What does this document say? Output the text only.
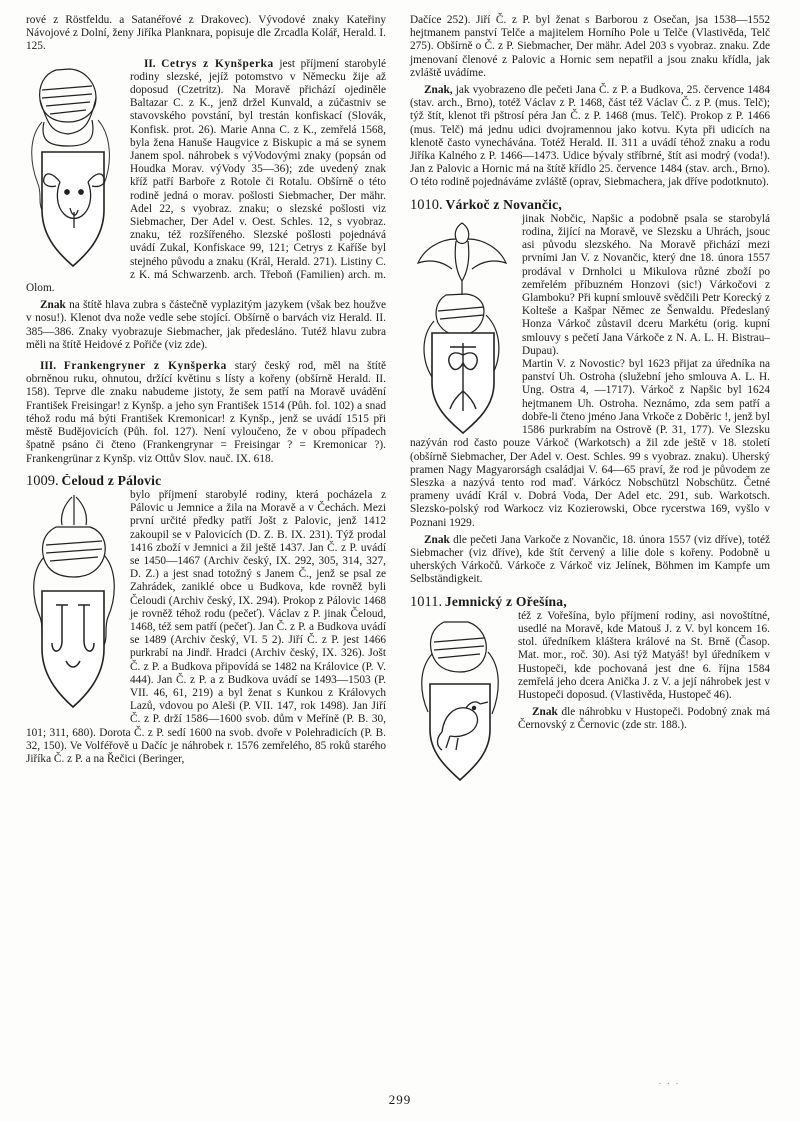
rové z Röstfeldu. a Satanéřové z Drakovec). Vývodové znaky Kateřiny Návojové z Dolní, ženy Jiříka Planknara, popisuje dle Zrcadla Kolář, Herald. I. 125.

II. Cetrys z Kynšperka jest příjmení starobylé rodiny slezské, jejíž potomstvo v Německu žije až doposud (Czetritz). Na Moravě přichází ojediněle Baltazar C. z K., jenž držel Kunvald, a zúčastniv se stavovského povstání, byl trestán konfiskací (Slovák, Konfisk. prot. 26). Marie Anna C. z K., zemřelá 1568, byla žena Hanuše Haugvice z Biskupic a má se synem Janem spol. náhrobek s výVodovými znaky (popsán od Houdka Morav. výVody 35—36); zde uvedený znak kříž patří Barboře z Rotole či Rotalu. Obšírně o této rodině jedná o morav. pošlosti Siebmacher, Der mähr. Adel 22, s vyobraz. znaku; o slezské pošlosti viz Siebmacher, Der Adel v. Oest. Schles. 12, s vyobraz. znaku, též rozšířeného. Slezské pošlosti pojednává uvádí Zukal, Konfiskace 99, 121; Cetrys z Kaříše byl stejného původu a znaku (Král, Herald. 271). Listiny C. z K. má Schwarzenb. arch. Třeboň (Familien) arch. m. Olom.

Znak na štítě hlava zubra s částečně vyplazitým jazykem (však bez houžve v nosu!). Klenot dva nože vedle sebe stojící. Obšírně o barvách viz Herald. II. 385—386. Znaky vyobrazuje Siebmacher, jak předesláno. Tutéž hlavu zubra měli na štítě Heidové z Pořiče (viz zde).

III. Frankengryner z Kynšperka starý český rod, měl na štítě obrněnou ruku, ohnutou, držící květinu s lísty a kořeny (obšírně Herald. II. 158). Teprve dle znaku nabudeme jistoty, že sem patří na Moravě uvádění František Freisingar! z Kynšp. a jeho syn František 1514 (Půh. fol. 102) a snad téhož rodu má býti František Kremonicar! z Kynšp., jenž se uvádí 1515 při městě Budějovicích (Půh. fol. 127). Není vyloučeno, že v obou případech špatně psáno či čteno (Frankengrynar = Freisingar ? = Kremonicar ?). Frankengrünar z Kynšp. viz Ottův Slov. nauč. IX. 618.

1009. Čeloud z Pálovic

bylo příjmení starobylé rodiny, která pocházela z Pálovic u Jemnice a žila na Moravě a v Čechách. Mezi první určité předky patří Jošt z Palovic, jenž 1412 zakoupil se v Palovicích (D. Z. B. IX. 231). Týž prodal 1416 zboží v Jemnici a žil ještě 1437. Jan Č. z P. uvádí se 1450—1467 (Archiv český, IX. 292, 305, 314, 327, D. Z.) a jest snad totožný s Janem Č., jenž se psal ze Zahrádek, zaniklé obce u Budkova, kde rovněž byli Čeloudi (Archiv český, IX. 294). Prokop z Pálovic 1468 je rovněž téhož rodu (pečeť). Václav z P. jinak Čeloud, 1468, též sem patří (pečeť). Jan Č. z P. a Budkova uvádí se 1489 (Archiv český, VI. 5 2). Jiří Č. z P. jest 1466 purkrabí na Jindř. Hradci (Archiv český, IX. 326). Jošt Č. z P. a Budkova připovídá se 1482 na Královice (P. V. 444). Jan Č. z P. a z Budkova uvádí se 1493—1503 (P. VII. 46, 61, 219) a byl ženat s Kunkou z Královych Lazů, vdovou po Aleši (P. VII. 147, rok 1498). Jan Jiří Č. z P. drží 1586—1600 svob. dům v Meříně (P. B. 30, 101; 311, 680). Dorota Č. z P. sedí 1600 na svob. dvoře v Polehradicích (P. B. 32, 150). Ve Volféřově u Dačíc je náhrobek r. 1576 zemřelého, 85 roků starého Jiříka Č. z P. a na Řečici (Beringer,

Dačíce 252). Jiří Č. z P. byl ženat s Barborou z Osečan, jsa 1538—1552 hejtmanem panství Telče a majitelem Horního Pole u Telče (Vlastivěda, Telč 275). Obšírně o Č. z P. Siebmacher, Der mähr. Adel 203 s vyobraz. znaku. Zde jmenovaní členové z Palovic a Hornic sem nepatřil a jsou znaku křídla, jak zvláště uvádíme.

Znak, jak vyobrazeno dle pečeti Jana Č. z P. a Budkova, 25. července 1484 (stav. arch., Brno), totéž Václav z P. 1468, část též Václav Č. z P. (mus. Telč); týž štít, klenot tři pštrosí péra Jan Č. z P. 1468 (mus. Telč). Prokop z P. 1466 (mus. Telč) má jednu udici dvojramennou jako kotvu. Kyta při udicích na klenotě často vynechávána. Totéž Herald. II. 311 a uvádí téhož znaku a rodu Jiříka Kalného z P. 1466—1473. Udice bývaly stříbrné, štít asi modrý (voda!). Jan z Palovic a Hornic má na štítě křídlo 25. července 1484 (stav. arch., Brno). O této rodině pojednáváme zvláště (oprav, Siebmachera, jak dříve podotknuto).

1010. Várkoč z Novančic,

jinak Nobčic, Napšic a podobně psala se starobylá rodina, žijící na Moravě, ve Slezsku a Uhrách, jsouc asi původu slezského. Na Moravě přichází mezi prvními Jan V. z Novančic, který dne 18. února 1557 prodával v Drnholci u Mikulova různé zboží po zemřelém příbuzném Honzovi (sic!) Várkočovi z Glamboku? Při kupní smlouvě svědčili Petr Korecký z Kolteše a Kašpar Němec ze Šenwaldu. Předeslaný Honza Várkoč zůstavil dceru Markétu (orig. kupní smlouvy s pečetí Jana Várkoče z N. A. L. H. Bistrau–Dupau).

Martin V. z Novostic? byl 1623 přijat za úředníka na panství Uh. Ostroha (služební jeho smlouva A. L. H. Ung. Ostra 4, —1717). Várkoč z Napšic byl 1624 hejtmanem Uh. Ostroha. Neznámo, zda sem patří a dobře-li čteno jméno Jana Vrkoče z Doběric !, jenž byl 1586 purkrabím na Ostrově (P. 31, 177). Ve Slezsku nazýván rod často pouze Várkoč (Warkotsch) a žil zde ještě v 18. století (obšírně Siebmacher, Der Adel v. Oest. Schles. 99 s vyobraz. znaku). Uherský pramen Nagy Magyarorságh családjai V. 64—65 praví, že rod je původem ze Sleszka a nazývá tento rod maď. Várkócz Nobschützl Nobschütz. Četné prameny uvádí Král v. Dobrá Voda, Der Adel etc. 291, sub. Warkotsch. Slezsko-polský rod Warkocz viz Kozierowski, Obce rycerstwa 169, vyšlo v Poznani 1929.

Znak dle pečeti Jana Varkoče z Novančic, 18. února 1557 (viz dříve), totéž Siebmacher (viz dříve), kde štít červený a lilie dole s kořeny. Podobně u uherských Várkočů. Várkoče z Várkoč viz Jelínek, Böhmen im Kampfe um Selbständigkeit.

1011. Jemnický z Ořešína,

též z Vořešína, bylo příjmení rodiny, asi novoštítné, usedlé na Moravě, kde Matouš J. z V. byl koncem 16. stol. úředníkem kláštera králové na St. Brně (Časop. Mat. mor., roč. 30). Asi týž Matyáš! byl úředníkem v Hustopeči, kde pochovaná jest dne 6. října 1584 zemřelá jeho dcera Anička J. z V. a její náhrobek jest v Hustopeči doposud. (Vlastivěda, Hustopeč 46).

Znak dle náhrobku v Hustopeči. Podobný znak má Černovský z Černovic (zde str. 188.).

. . .
299
